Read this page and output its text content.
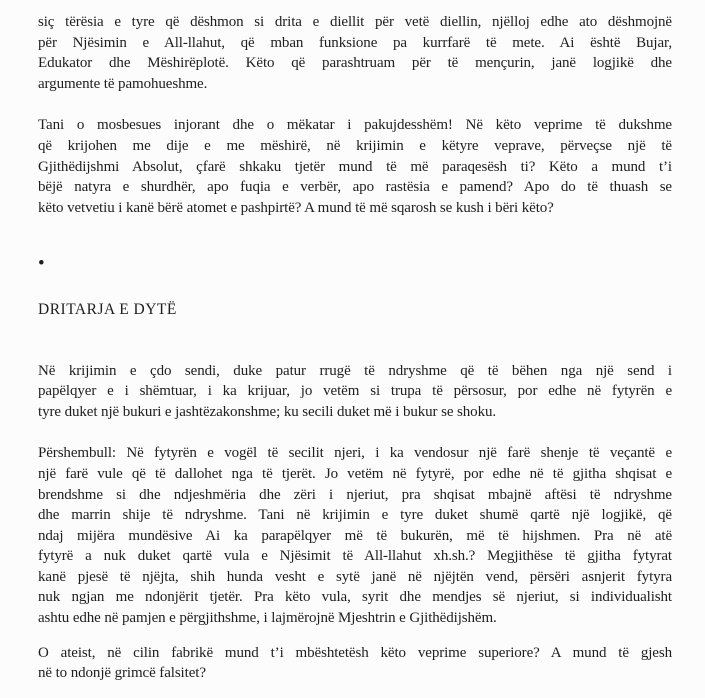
siç tërësia e tyre që dëshmon si drita e diellit për vetë diellin, njëlloj edhe ato dëshmojnë
për Njësimin e All-llahut, që mban funksione pa kurrfarë të mete. Ai është Bujar,
Edukator dhe Mëshirëplotë. Këto që parashtruam për të mençurin, janë logjikë dhe
argumente të pamohueshme.

Tani o mosbesues injorant dhe o mëkatar i pakujdesshëm! Në këto veprime të dukshme
që krijohen me dije e me mëshirë, në krijimin e këtyre veprave, përveçse një të
Gjithëdijshmi Absolut, çfarë shkaku tjetër mund të më paraqesësh ti? Këto a mund t’i
bëjë natyra e shurdhër, apo fuqia e verbër, apo rastësia e pamend? Apo do të thuash se
këto vetvetiu i kanë bërë atomet e pashpirtë? A mund të më sqarosh se kush i bëri këto?

•
DRITARJA E DYTË

Në krijimin e çdo sendi, duke patur rrugë të ndryshme që të bëhen nga një send i
papëlqyer e i shëmtuar, i ka krijuar, jo vetëm si trupa të përsosur, por edhe në fytyrën e
tyre duket një bukuri e jashtëzakonshme; ku secili duket më i bukur se shoku.

Përshembull: Në fytyrën e vogël të secilit njeri, i ka vendosur një farë shenje të veçantë e
një farë vule që të dallohet nga të tjerët. Jo vetëm në fytyrë, por edhe në të gjitha shqisat e
brendshme si dhe ndjeshmëria dhe zëri i njeriut, pra shqisat mbajnë aftësi të ndryshme
dhe marrin shije të ndryshme. Tani në krijimin e tyre duket shumë qartë një logjikë, që
ndaj mijëra mundësive Ai ka parapëlqyer më të bukurën, më të hijshmen. Pra në atë
fytyrë a nuk duket qartë vula e Njësimit të All-llahut xh.sh.? Megjithëse të gjitha fytyrat
kanë pjesë të njëjta, shih hunda vesht e sytë janë në njëjtën vend, përsëri asnjerit fytyra
nuk ngjan me ndonjërit tjetër. Pra këto vula, syrit dhe mendjes së njeriut, si individualisht
ashtu edhe në pamjen e përgjithshme, i lajmërojnë Mjeshtrin e Gjithëdijshëm.

O ateist, në cilin fabrikë mund t’i mbështetësh këto veprime superiore? A mund të gjesh
në to ndonjë grimcë falsitet?
